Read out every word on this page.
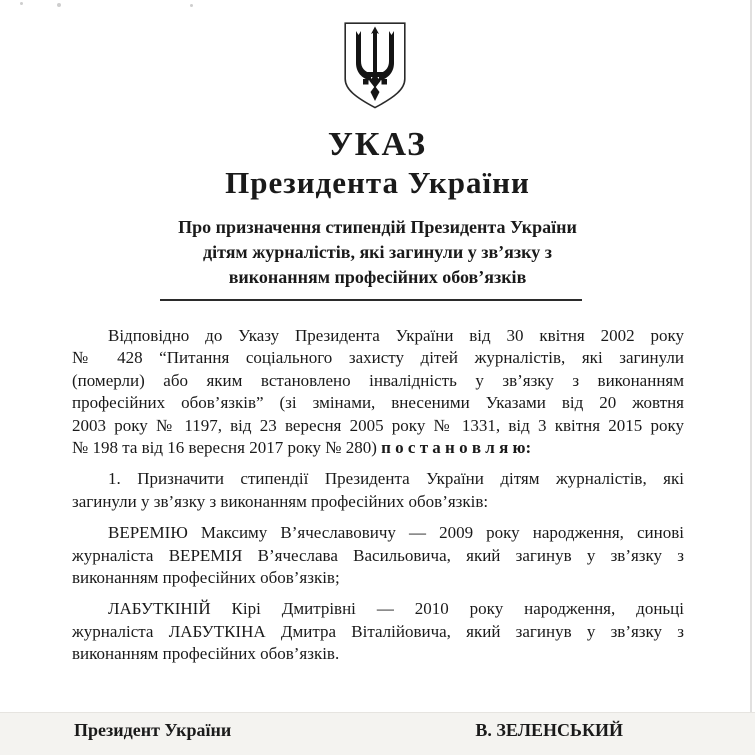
УКАЗ
Президента України
Про призначення стипендій Президента України
дітям журналістів, які загинули у зв’язку з
виконанням професійних обов’язків
Відповідно до Указу Президента України від 30 квітня 2002 року
№ 428 “Питання соціального захисту дітей журналістів, які загинули
(померли) або яким встановлено інвалідність у зв’язку з виконанням
професійних обов’язків” (зі змінами, внесеними Указами від 20 жовтня
2003 року № 1197, від 23 вересня 2005 року № 1331, від 3 квітня 2015 року
№ 198 та від 16 вересня 2017 року № 280) п о с т а н о в л я ю:
1. Призначити стипендії Президента України дітям журналістів, які
загинули у зв’язку з виконанням професійних обов’язків:
ВЕРЕМІЮ Максиму В’ячеславовичу — 2009 року народження, синові
журналіста ВЕРЕМІЯ В’ячеслава Васильовича, який загинув у зв’язку з
виконанням професійних обов’язків;
ЛАБУТКІНІЙ Кірі Дмитрівні — 2010 року народження, доньці
журналіста ЛАБУТКІНА Дмитра Віталійовича, який загинув у зв’язку з
виконанням професійних обов’язків.
Президент України	В. ЗЕЛЕНСЬКИЙ
